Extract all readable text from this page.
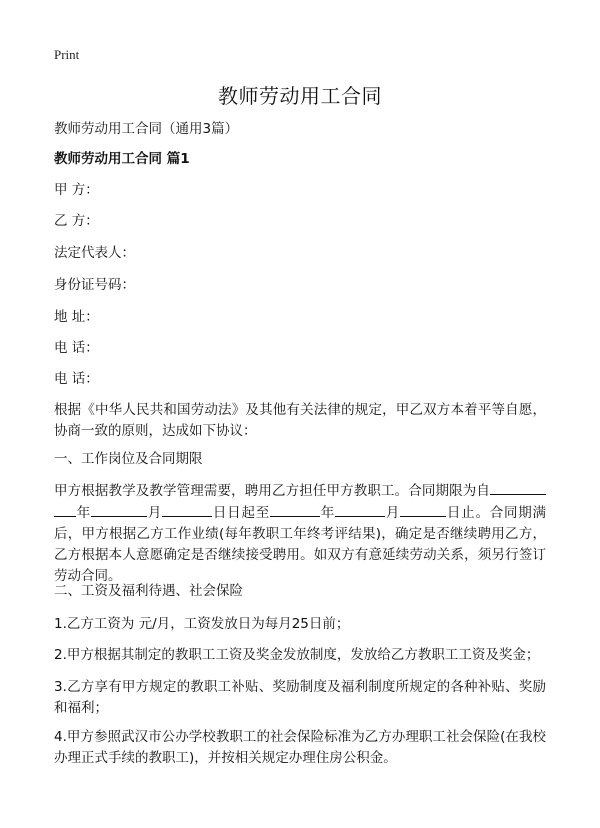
Print
教师劳动用工合同
教师劳动用工合同（通用3篇）
教师劳动用工合同 篇1
甲 方：
乙 方：
法定代表人：
身份证号码：
地 址：
电 话：
电 话：
根据《中华人民共和国劳动法》及其他有关法律的规定，甲乙双方本着平等自愿，协商一致的原则，达成如下协议：
一、工作岗位及合同期限
甲方根据教学及教学管理需要，聘用乙方担任甲方教职工。合同期限为自年	月	日日起至	年	月	日止。合同期满后，甲方根据乙方工作业绩(每年教职工年终考评结果)，确定是否继续聘用乙方，乙方根据本人意愿确定是否继续接受聘用。如双方有意延续劳动关系，须另行签订劳动合同。
二、工资及福利待遇、社会保险
1.乙方工资为 元/月，工资发放日为每月25日前；
2.甲方根据其制定的教职工工资及奖金发放制度，发放给乙方教职工工资及奖金；
3.乙方享有甲方规定的教职工补贴、奖励制度及福利制度所规定的各种补贴、奖励和福利；
4.甲方参照武汉市公办学校教职工的社会保险标准为乙方办理职工社会保险(在我校办理正式手续的教职工)，并按相关规定办理住房公积金。
